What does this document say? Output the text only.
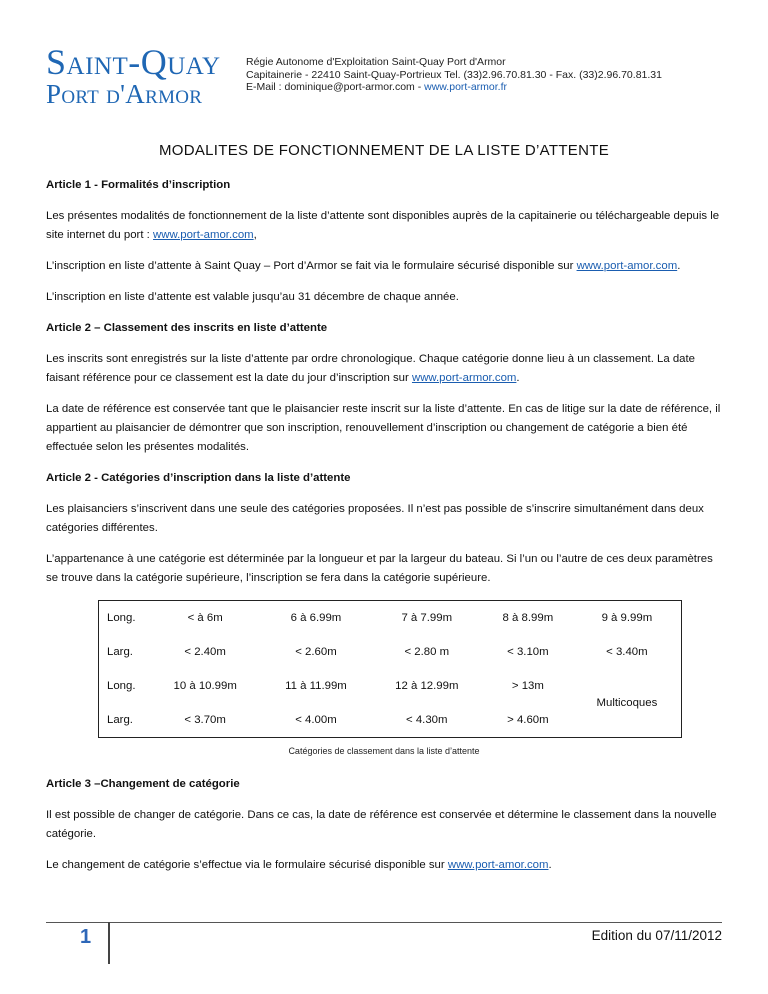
Saint-Quay
Port d'Armor
Régie Autonome d'Exploitation Saint-Quay Port d'Armor
Capitainerie - 22410 Saint-Quay-Portrieux Tel. (33)2.96.70.81.30 - Fax. (33)2.96.70.81.31
E-Mail : dominique@port-armor.com - www.port-armor.fr
MODALITES DE FONCTIONNEMENT DE LA LISTE D’ATTENTE
Article 1 - Formalités d’inscription

Les présentes modalités de fonctionnement de la liste d’attente sont disponibles auprès de la capitainerie ou téléchargeable depuis le site internet du port : www.port-amor.com,

L’inscription en liste d’attente à Saint Quay – Port d’Armor se fait via le formulaire sécurisé disponible sur www.port-amor.com.

L’inscription en liste d’attente est valable jusqu’au 31 décembre de chaque année.

Article 2 – Classement des inscrits en liste d’attente

Les inscrits sont enregistrés sur la liste d’attente par ordre chronologique. Chaque catégorie donne lieu à un classement. La date faisant référence pour ce classement est la date du jour d’inscription sur www.port-armor.com.

La date de référence est conservée tant que le plaisancier reste inscrit sur la liste d’attente. En cas de litige sur la date de référence, il appartient au plaisancier de démontrer que son inscription, renouvellement d’inscription ou changement de catégorie a bien été effectuée selon les présentes modalités.

Article 2 - Catégories d’inscription dans la liste d’attente

Les plaisanciers s’inscrivent dans une seule des catégories proposées. Il n’est pas possible de s’inscrire simultanément dans deux catégories différentes.

L’appartenance à une catégorie est déterminée par la longueur et par la largeur du bateau. Si l’un ou l’autre de ces deux paramètres se trouve dans la catégorie supérieure, l’inscription se fera dans la catégorie supérieure.

Long.	< à 6m	6 à 6.99m	7 à 7.99m	8 à 8.99m	9 à 9.99m
Larg.	< 2.40m	< 2.60m	< 2.80 m	< 3.10m	< 3.40m
Long.	10 à 10.99m	11 à 11.99m	12 à 12.99m	> 13m	Multicoques
Larg.	< 3.70m	< 4.00m	< 4.30m	> 4.60m	
Catégories de classement dans la liste d’attente
Article 3 –Changement de catégorie

Il est possible de changer de catégorie. Dans ce cas, la date de référence est conservée et détermine le classement dans la nouvelle catégorie.

Le changement de catégorie s’effectue via le formulaire sécurisé disponible sur www.port-amor.com.

1	Edition du 07/11/2012
